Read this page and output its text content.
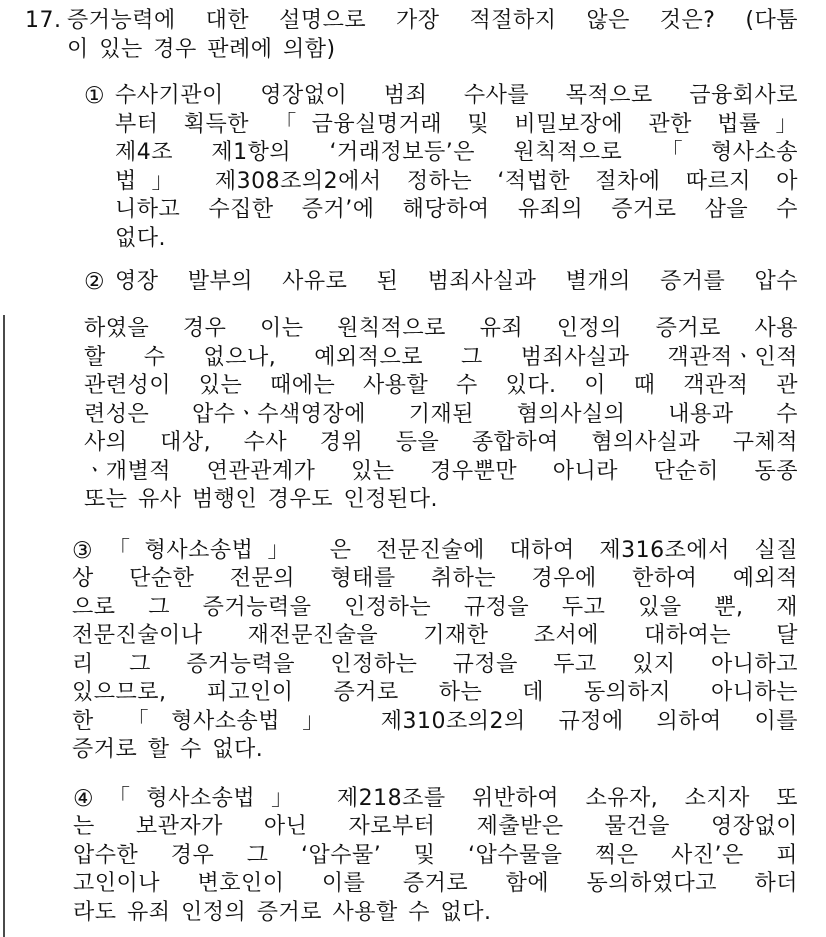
17. 증거능력에 대한 설명으로 가장 적절하지 않은 것은? (다툼
이 있는 경우 판례에 의함)
① 수사기관이 영장없이 범죄 수사를 목적으로 금융회사로
부터 획득한 「금융실명거래 및 비밀보장에 관한 법률」
제4조 제1항의 ‘거래정보등’은 원칙적으로 「형사소송
법」　제308조의2에서 정하는 ‘적법한 절차에 따르지 아
니하고 수집한 증거’에 해당하여 유죄의 증거로 삼을 수
없다.
② 영장 발부의 사유로 된 범죄사실과 별개의 증거를 압수
하였을 경우 이는 원칙적으로 유죄 인정의 증거로 사용
할 수 없으나, 예외적으로 그 범죄사실과 객관적ㆍ인적
관련성이 있는 때에는 사용할 수 있다. 이 때 객관적 관
련성은 압수ㆍ수색영장에 기재된 혐의사실의 내용과 수
사의 대상, 수사 경위 등을 종합하여 혐의사실과 구체적
ㆍ개별적 연관관계가 있는 경우뿐만 아니라 단순히 동종
또는 유사 범행인 경우도 인정된다.
③ 「형사소송법」　은 전문진술에 대하여 제316조에서 실질
상 단순한 전문의 형태를 취하는 경우에 한하여 예외적
으로 그 증거능력을 인정하는 규정을 두고 있을 뿐, 재
전문진술이나 재전문진술을 기재한 조서에 대하여는 달
리 그 증거능력을 인정하는 규정을 두고 있지 아니하고
있으므로, 피고인이 증거로 하는 데 동의하지 아니하는
한 「형사소송법」　제310조의2의 규정에 의하여 이를
증거로 할 수 없다.
④ 「형사소송법」　제218조를 위반하여 소유자, 소지자 또
는 보관자가 아닌 자로부터 제출받은 물건을 영장없이
압수한 경우 그 ‘압수물’ 및 ‘압수물을 찍은 사진’은 피
고인이나 변호인이 이를 증거로 함에 동의하였다고 하더
라도 유죄 인정의 증거로 사용할 수 없다.
